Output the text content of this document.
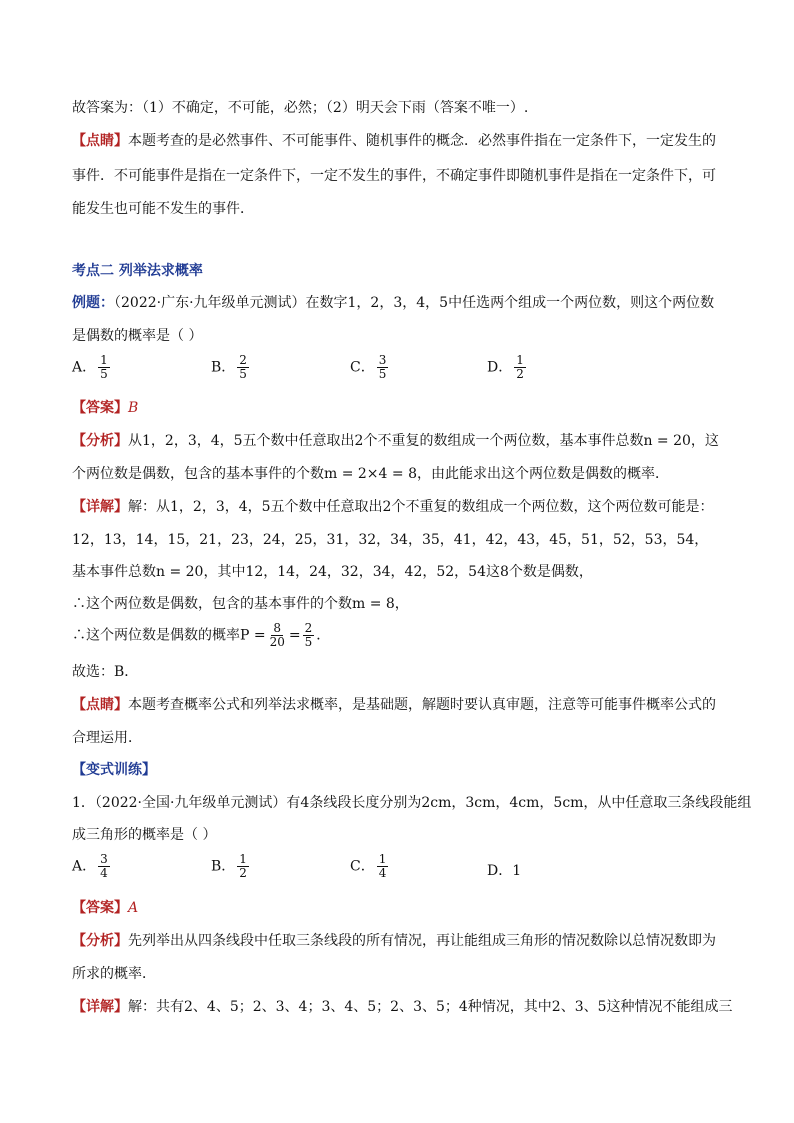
故答案为：（1）不确定，不可能，必然；（2）明天会下雨（答案不唯一）.
【点睛】本题考查的是必然事件、不可能事件、随机事件的概念．必然事件指在一定条件下，一定发生的
事件．不可能事件是指在一定条件下，一定不发生的事件，不确定事件即随机事件是指在一定条件下，可
能发生也可能不发生的事件．
考点二 列举法求概率
例题：（2022·广东·九年级单元测试）在数字1，2，3，4，5中任选两个组成一个两位数，则这个两位数
是偶数的概率是（ ）
A． $\frac{1}{5}$	B． $\frac{2}{5}$	C． $\frac{3}{5}$	D． $\frac{1}{2}$
【答案】B
【分析】从1，2，3，4，5五个数中任意取出2个不重复的数组成一个两位数，基本事件总数n = 20，这
个两位数是偶数，包含的基本事件的个数m = 2×4 = 8，由此能求出这个两位数是偶数的概率．
【详解】解：从1，2，3，4，5五个数中任意取出2个不重复的数组成一个两位数，这个两位数可能是：
12，13，14，15，21，23，24，25，31，32，34，35，41，42，43，45，51，52，53，54，
基本事件总数n = 20，其中12，14，24，32，34，42，52，54这8个数是偶数，
∴这个两位数是偶数，包含的基本事件的个数m = 8，
∴这个两位数是偶数的概率$P = \frac{8}{20} = \frac{2}{5}$ ．
故选：B．
【点睛】本题考查概率公式和列举法求概率，是基础题，解题时要认真审题，注意等可能事件概率公式的
合理运用．
【变式训练】
1．（2022·全国·九年级单元测试）有4条线段长度分别为2cm，3cm，4cm，5cm，从中任意取三条线段能组
成三角形的概率是（ ）
A． $\frac{3}{4}$	B． $\frac{1}{2}$	C． $\frac{1}{4}$	D．1
【答案】A
【分析】先列举出从四条线段中任取三条线段的所有情况，再让能组成三角形的情况数除以总情况数即为
所求的概率．
【详解】解：共有2、4、5；2、3、4；3、4、5；2、3、5；4种情况，其中2、3、5这种情况不能组成三
